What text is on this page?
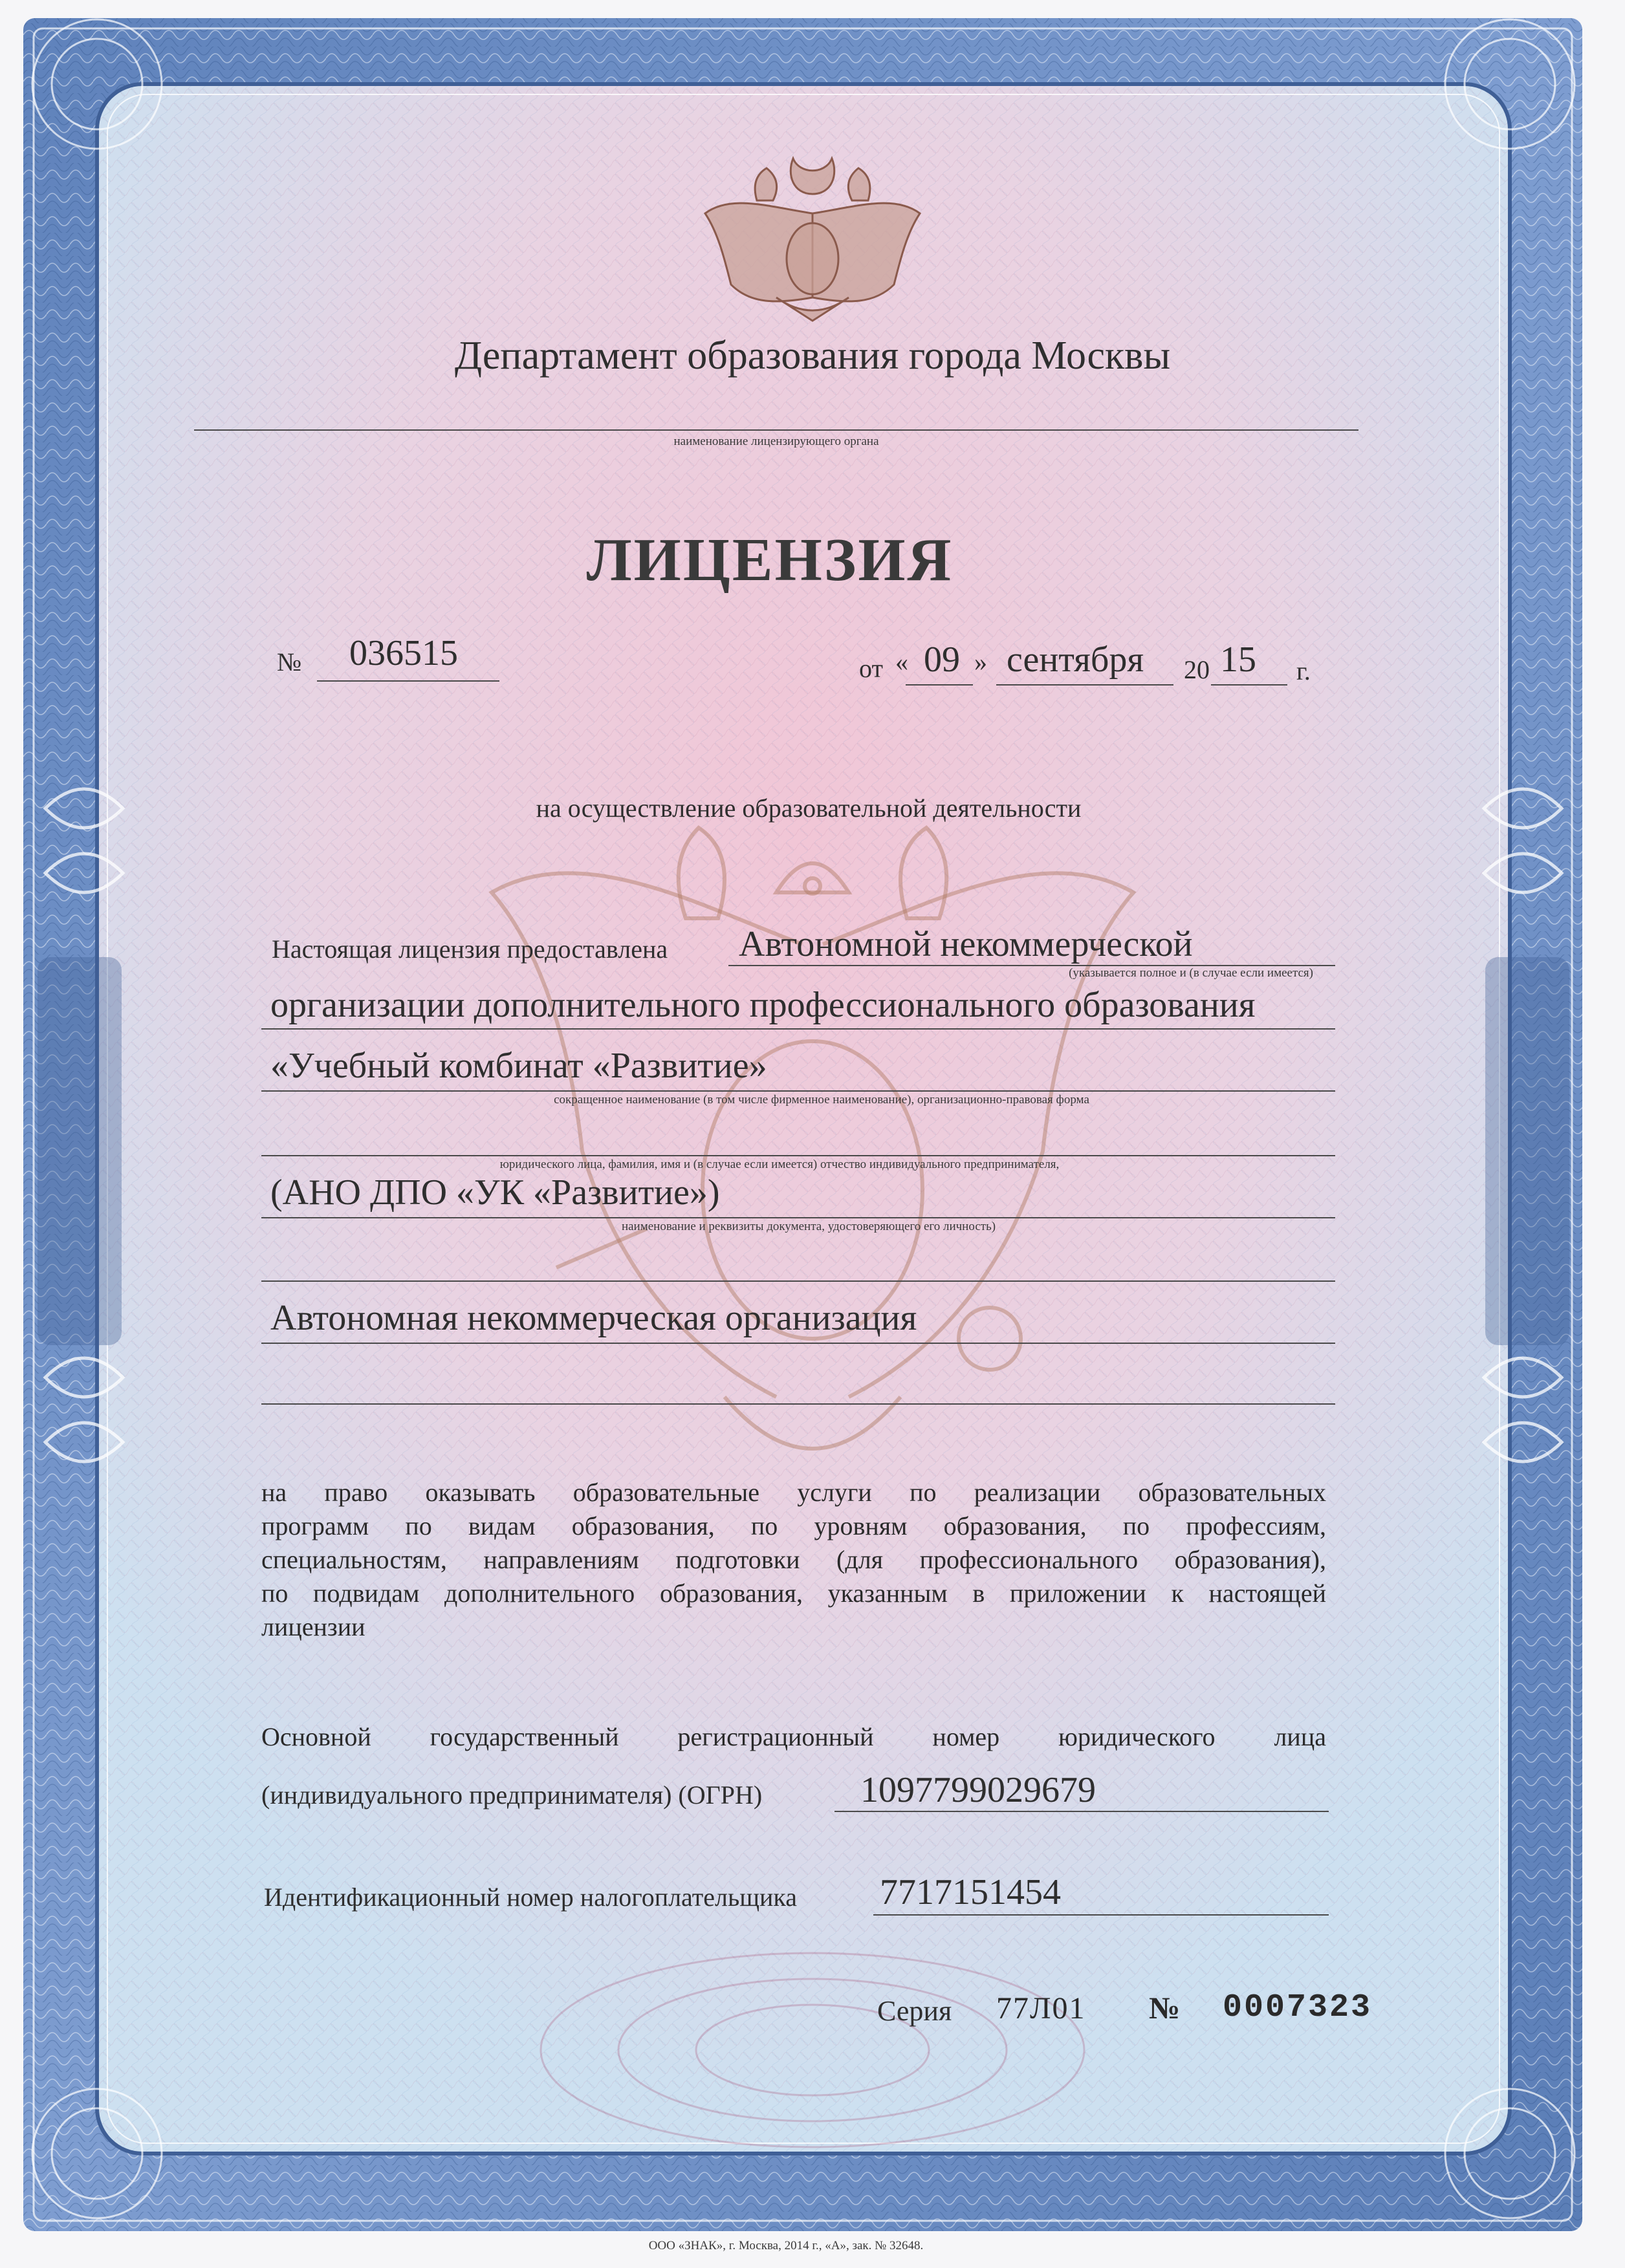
Департамент образования города Москвы
наименование лицензирующего органа
ЛИЦЕНЗИЯ
№ 036515	от « 09 » сентября 20 15 г.
на осуществление образовательной деятельности
Настоящая лицензия предоставлена Автономной некоммерческой
(указывается полное и (в случае если имеется)
организации дополнительного профессионального образования
«Учебный комбинат «Развитие»
сокращенное наименование (в том числе фирменное наименование), организационно-правовая форма
юридического лица, фамилия, имя и (в случае если имеется) отчество индивидуального предпринимателя,
(АНО ДПО «УК «Развитие»)
наименование и реквизиты документа, удостоверяющего его личность)
Автономная некоммерческая организация
на право оказывать образовательные услуги по реализации образовательных
программ по видам образования, по уровням образования, по профессиям,
специальностям, направлениям подготовки (для профессионального образования),
по подвидам дополнительного образования, указанным в приложении к настоящей
лицензии
Основной государственный регистрационный номер юридического лица
(индивидуального предпринимателя) (ОГРН)	1097799029679
Идентификационный номер налогоплательщика 7717151454
Серия 77Л01 № 0007323
ООО «ЗНАК», г. Москва, 2014 г., «А», зак. № 32648.
